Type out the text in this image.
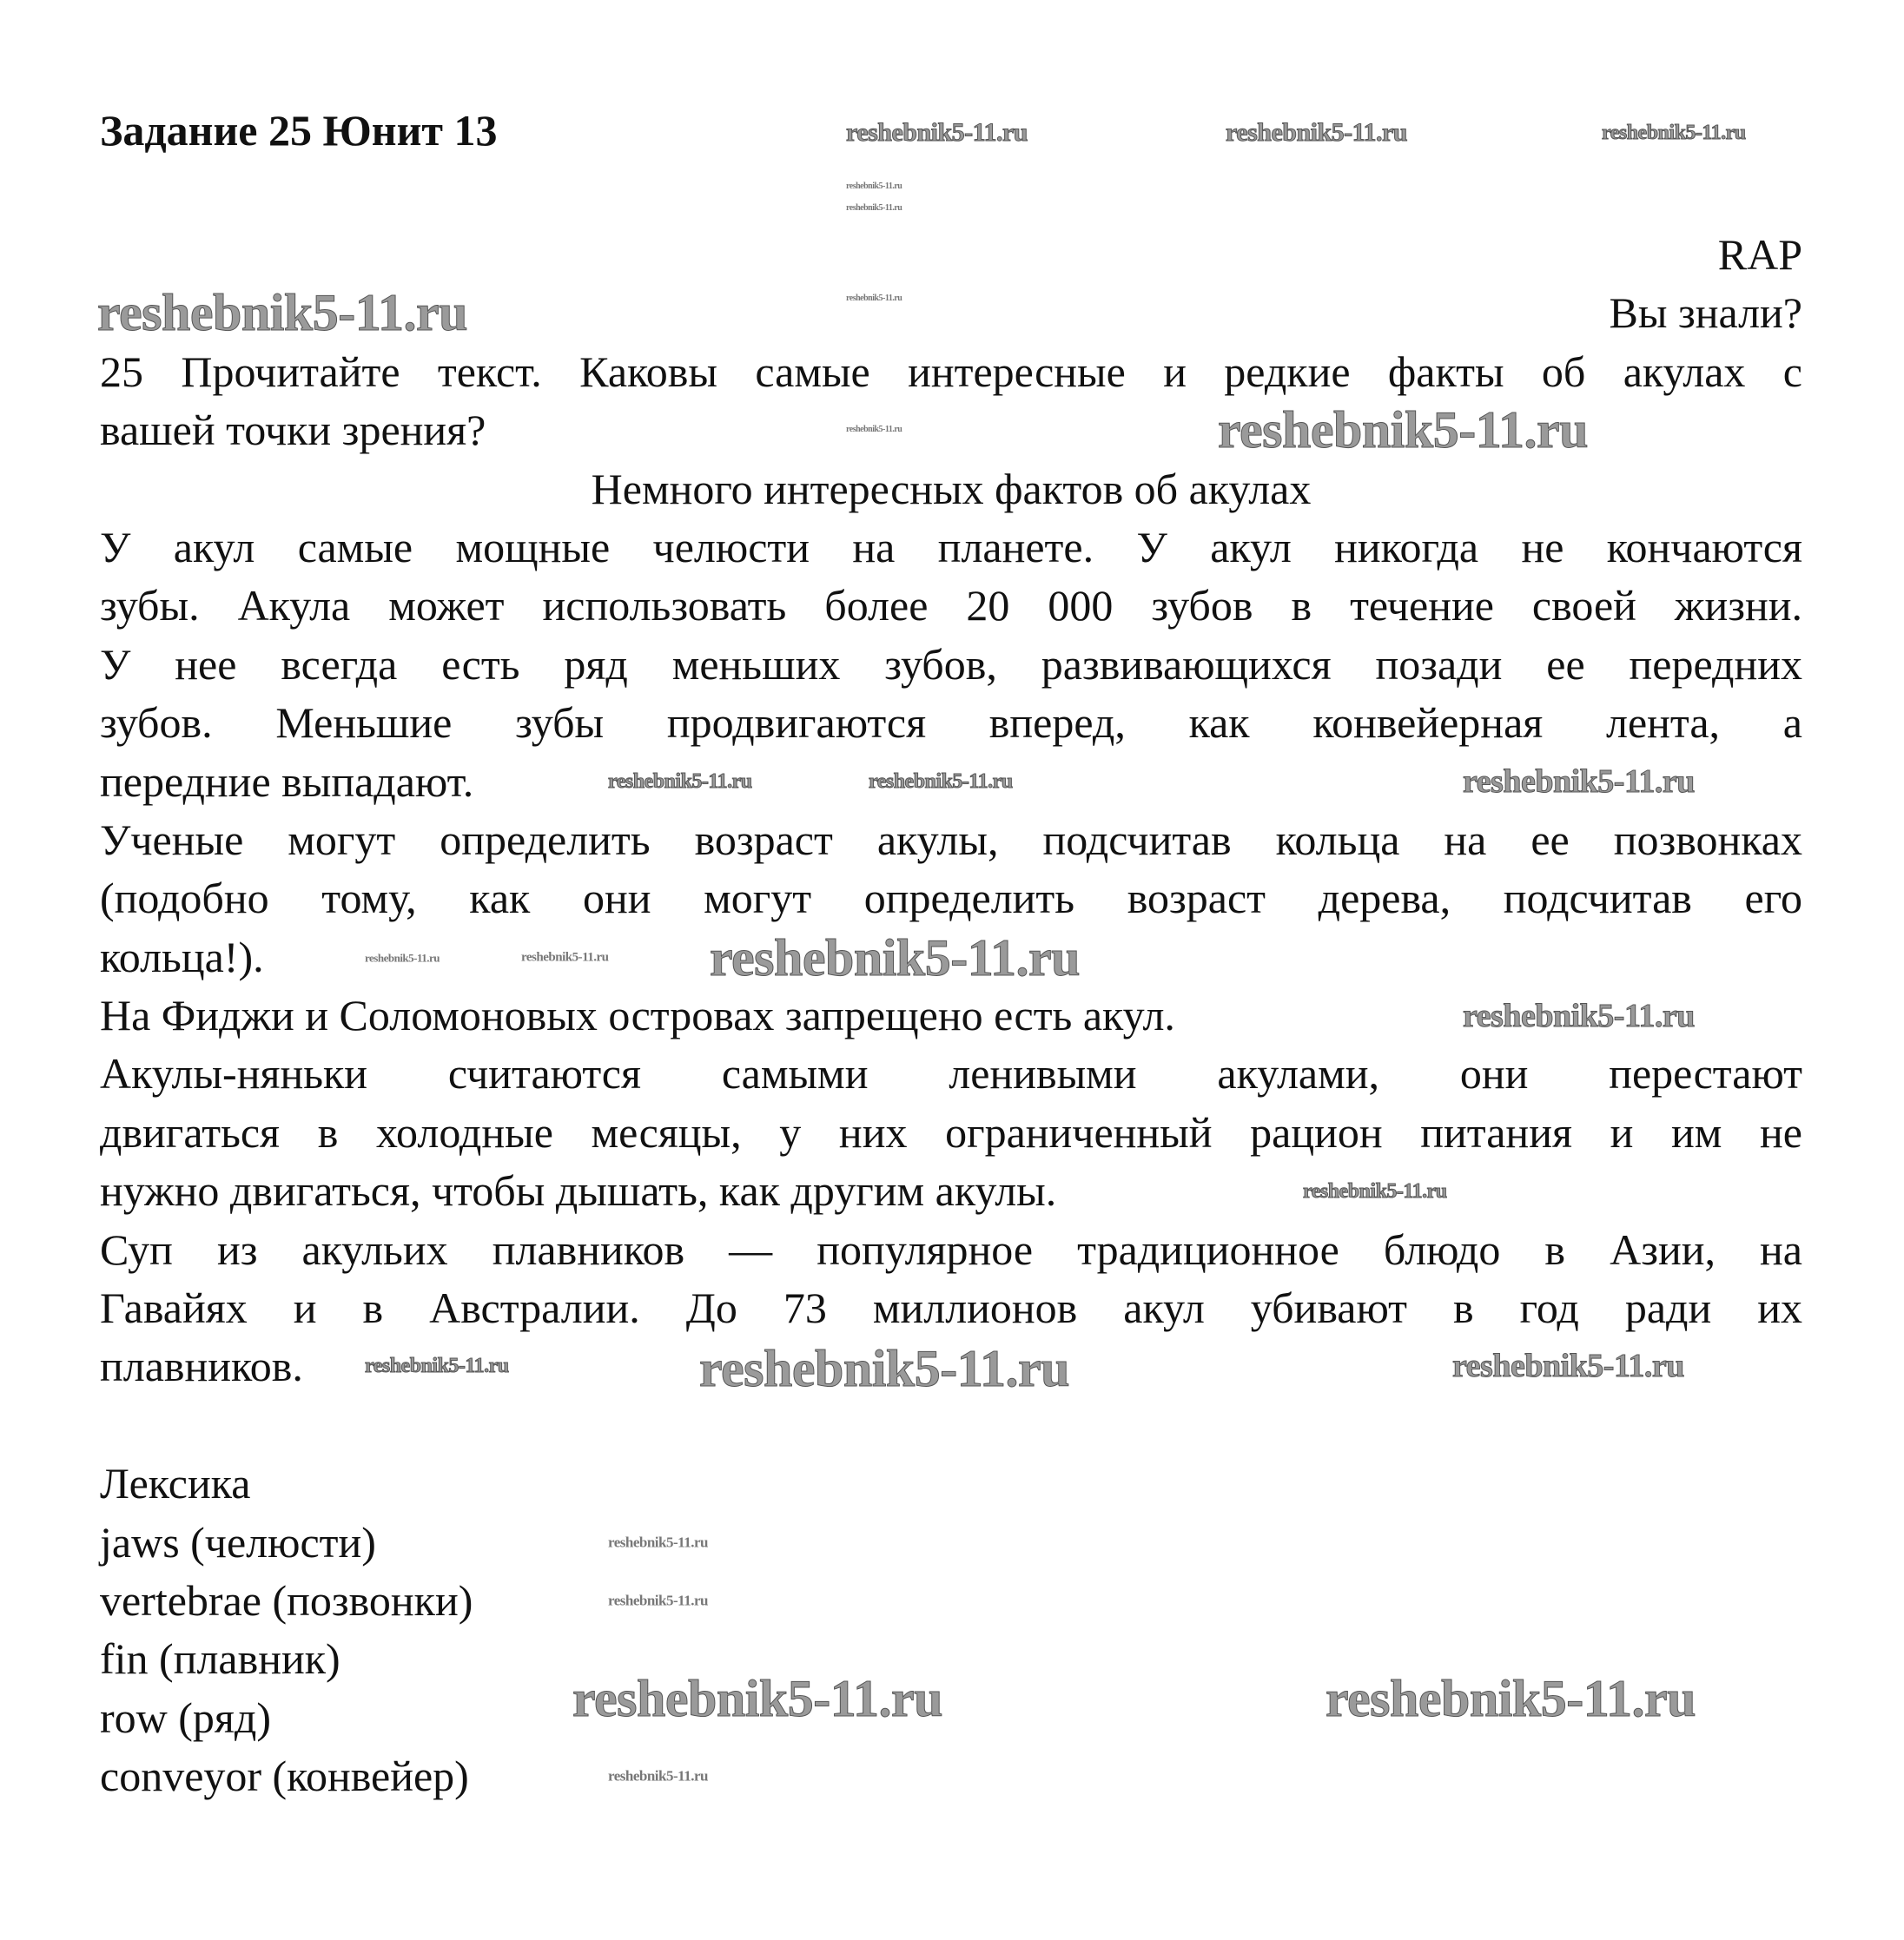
Задание 25 Юнит 13
RAP
Вы знали?
25 Прочитайте текст. Каковы самые интересные и редкие факты об акулах с
вашей точки зрения?
Немного интересных фактов об акулах
У акул самые мощные челюсти на планете. У акул никогда не кончаются
зубы. Акула может использовать более 20 000 зубов в течение своей жизни.
У нее всегда есть ряд меньших зубов, развивающихся позади ее передних
зубов. Меньшие зубы продвигаются вперед, как конвейерная лента, а
передние выпадают.
Ученые могут определить возраст акулы, подсчитав кольца на ее позвонках
(подобно тому, как они могут определить возраст дерева, подсчитав его
кольца!).
На Фиджи и Соломоновых островах запрещено есть акул.
Акулы-няньки считаются самыми ленивыми акулами, они перестают
двигаться в холодные месяцы, у них ограниченный рацион питания и им не
нужно двигаться, чтобы дышать, как другим акулы.
Суп из акульих плавников — популярное традиционное блюдо в Азии, на
Гавайях и в Австралии. До 73 миллионов акул убивают в год ради их
плавников.
Лексика
jaws (челюсти)
vertebrae (позвонки)
fin (плавник)
row (ряд)
conveyor (конвейер)
reshebnik5-11.ru	reshebnik5-11.ru	reshebnik5-11.ru
reshebnik5-11.ru
reshebnik5-11.ru
reshebnik5-11.ru
reshebnik5-11.ru
reshebnik5-11.ru	reshebnik5-11.ru
reshebnik5-11.ru	reshebnik5-11.ru	reshebnik5-11.ru
reshebnik5-11.ru
reshebnik5-11.ru
reshebnik5-11.ru	reshebnik5-11.ru
reshebnik5-11.ru
reshebnik5-11.ru
reshebnik5-11.ru
reshebnik5-11.ru
reshebnik5-11.ru	reshebnik5-11.ru
reshebnik5-11.ru
reshebnik5-11.ru
reshebnik5-11.ru
